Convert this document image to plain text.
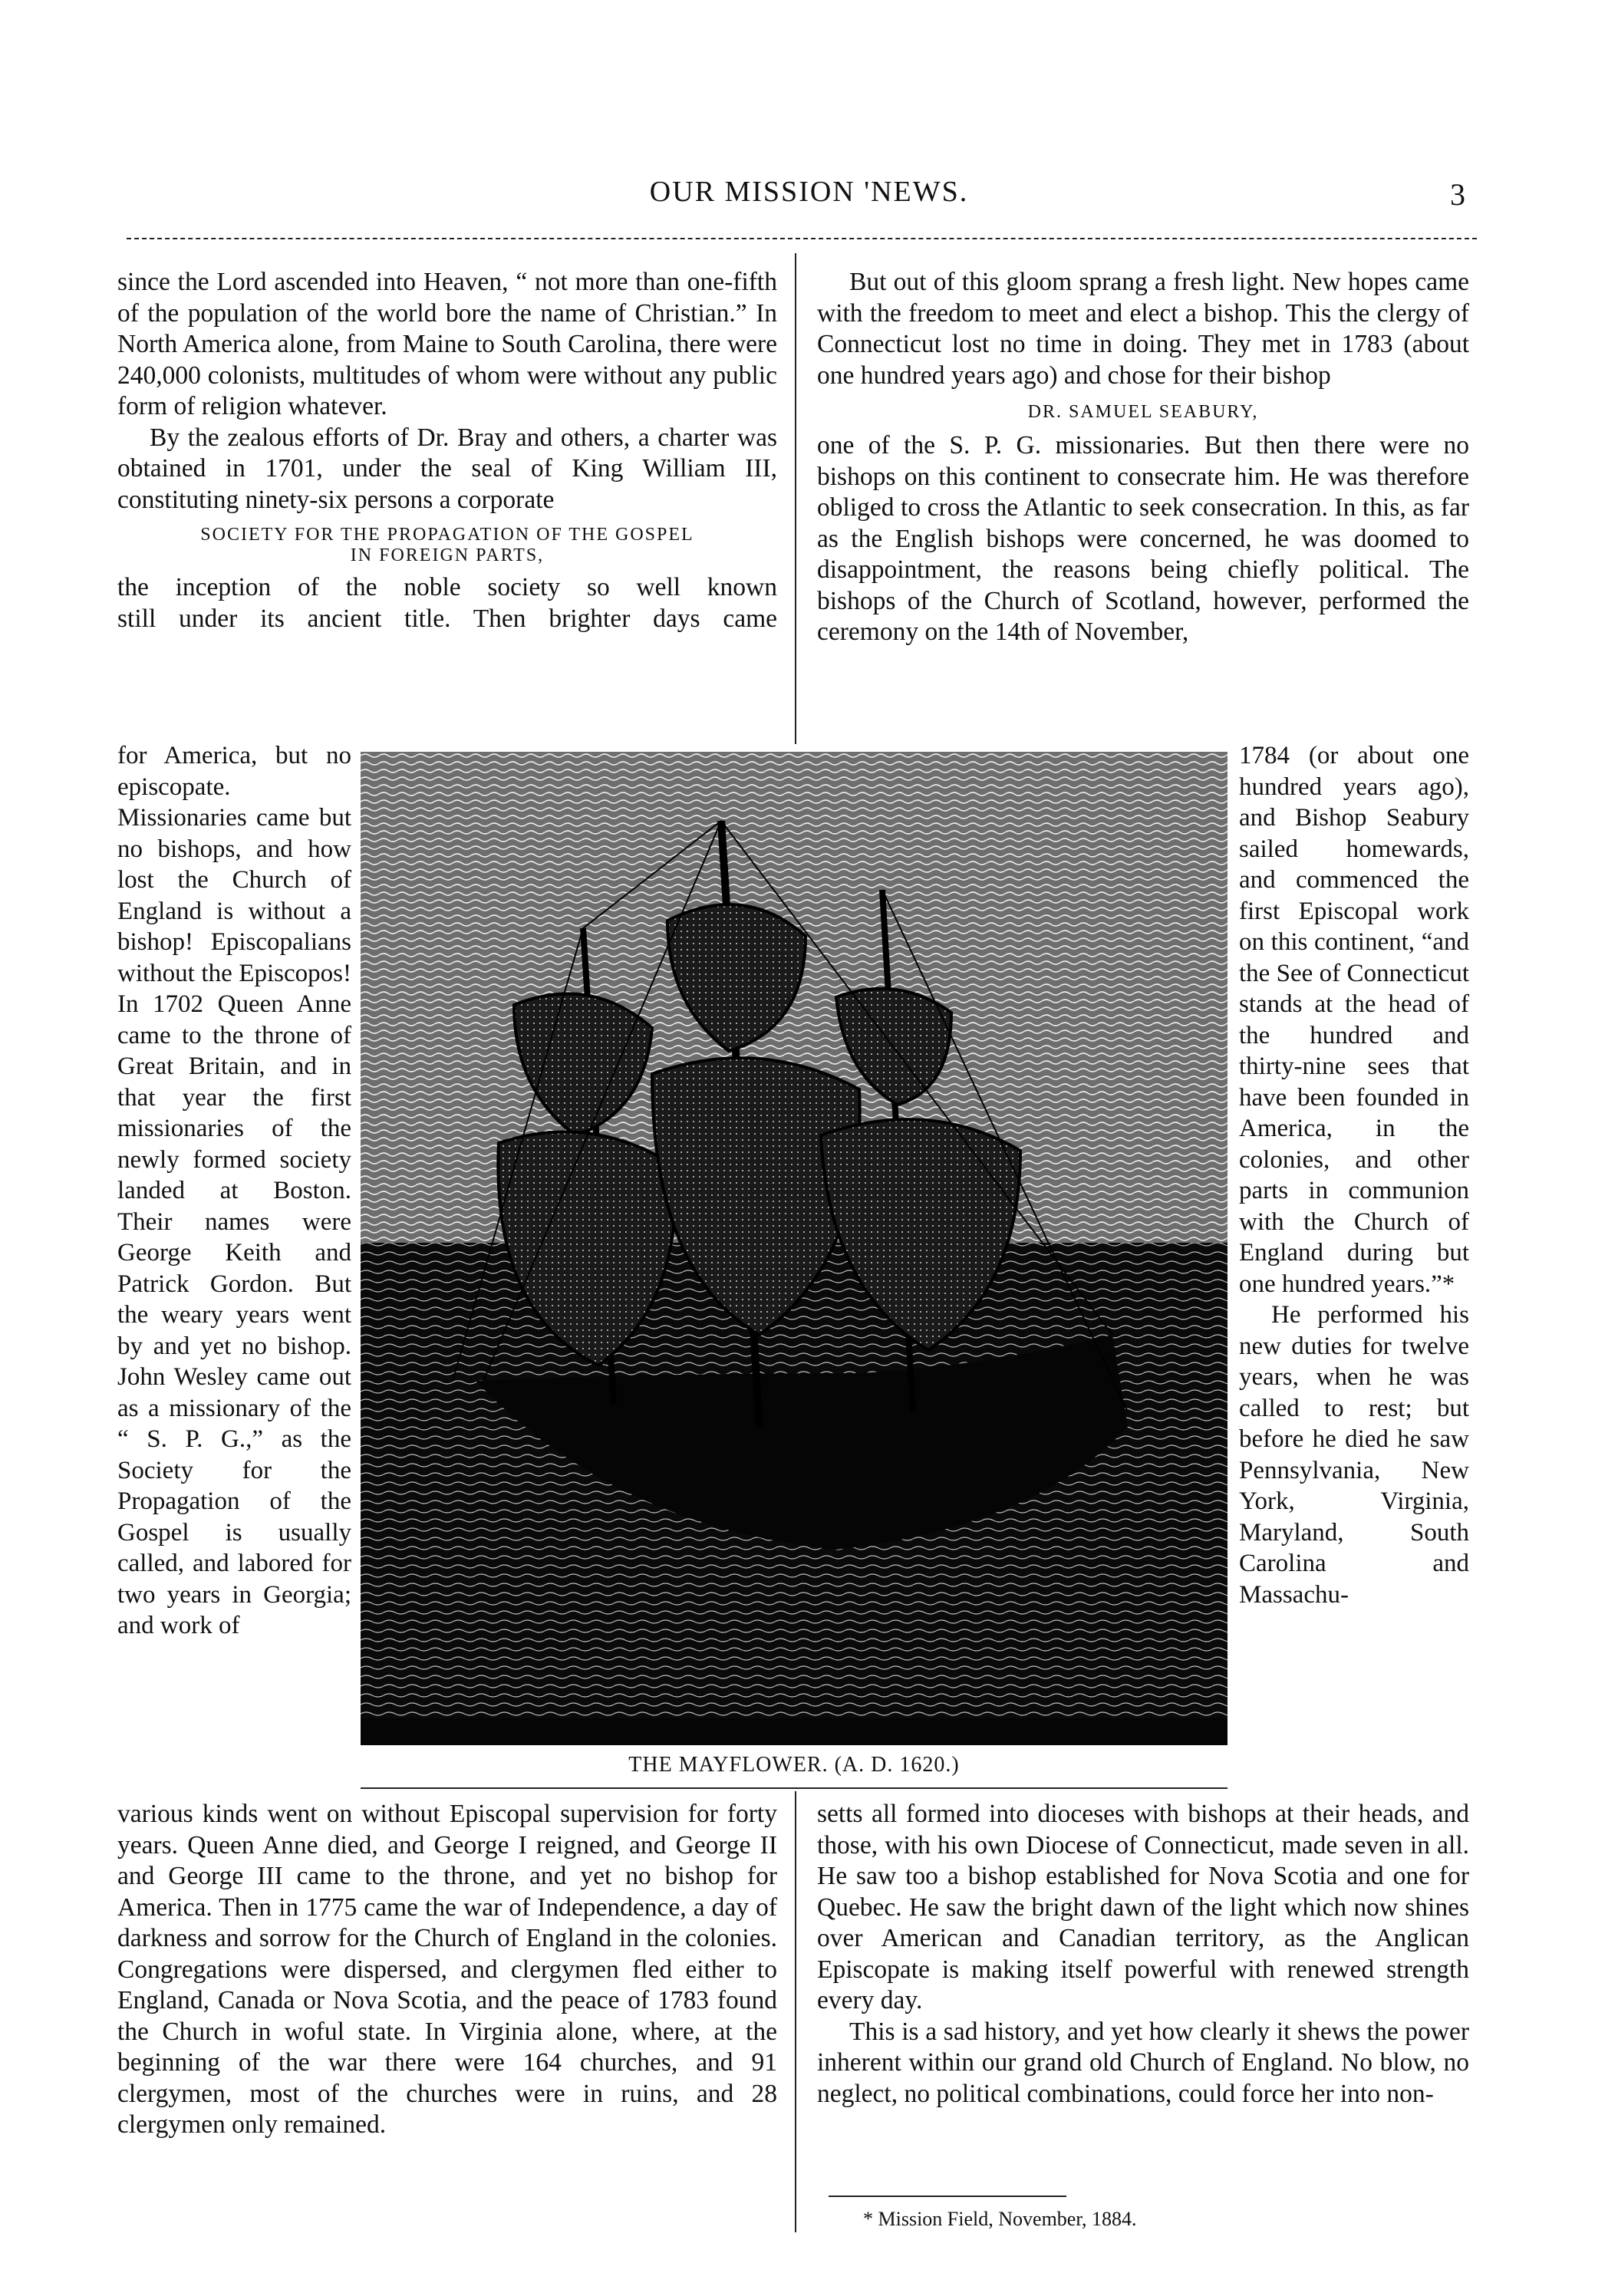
OUR MISSION 'NEWS.	3

since the Lord ascended into Heaven, “ not more than one-fifth of the population of the world bore the name of Christian.” In North America alone, from Maine to South Carolina, there were 240,000 colonists, multitudes of whom were without any public form of religion whatever.

By the zealous efforts of Dr. Bray and others, a charter was obtained in 1701, under the seal of King William III, constituting ninety-six persons a corporate

SOCIETY FOR THE PROPAGATION OF THE GOSPEL

IN FOREIGN PARTS,

the inception of the noble society so well known

still under its ancient title. Then brighter days came

for America, but no episcopate. Missionaries came but no bishops, and how lost the Church of England is without a bishop! Episcopalians without the Episcopos! In 1702 Queen Anne came to the throne of Great Britain, and in that year the first missionaries of the newly formed society landed at Boston. Their names were George Keith and Patrick Gordon. But the weary years went by and yet no bishop. John Wesley came out as a missionary of the “ S. P. G.,” as the Society for the Propagation of the Gospel is usually called, and labored for two years in Georgia; and work of

various kinds went on without Episcopal supervision for forty years. Queen Anne died, and George I reigned, and George II and George III came to the throne, and yet no bishop for America. Then in 1775 came the war of Independence, a day of darkness and sorrow for the Church of England in the colonies. Congregations were dispersed, and clergymen fled either to England, Canada or Nova Scotia, and the peace of 1783 found the Church in woful state. In Virginia alone, where, at the beginning of the war there were 164 churches, and 91 clergymen, most of the churches were in ruins, and 28 clergymen only remained.

But out of this gloom sprang a fresh light. New hopes came with the freedom to meet and elect a bishop. This the clergy of Connecticut lost no time in doing. They met in 1783 (about one hundred years ago) and chose for their bishop

DR. SAMUEL SEABURY,

one of the S. P. G. missionaries. But then there were no bishops on this continent to consecrate him. He was therefore obliged to cross the Atlantic to seek consecration. In this, as far as the English bishops were concerned, he was doomed to disappointment, the reasons being chiefly political. The bishops of the Church of Scotland, however, performed the ceremony on the 14th of November,

1784 (or about one hundred years ago), and Bishop Seabury sailed homewards, and commenced the first Episcopal work on this continent, “and the See of Connecticut stands at the head of the hundred and thirty-nine sees that have been founded in America, in the colonies, and other parts in communion with the Church of England during but one hundred years.”*

He performed his new duties for twelve years, when he was called to rest; but before he died he saw Pennsylvania, New York, Virginia, Maryland, South Carolina and Massachu-

setts all formed into dioceses with bishops at their heads, and those, with his own Diocese of Connecticut, made seven in all. He saw too a bishop established for Nova Scotia and one for Quebec. He saw the bright dawn of the light which now shines over American and Canadian territory, as the Anglican Episcopate is making itself powerful with renewed strength every day.

This is a sad history, and yet how clearly it shews the power inherent within our grand old Church of England. No blow, no neglect, no political combinations, could force her into non-

* Mission Field, November, 1884.
THE MAYFLOWER. (A. D. 1620.)
